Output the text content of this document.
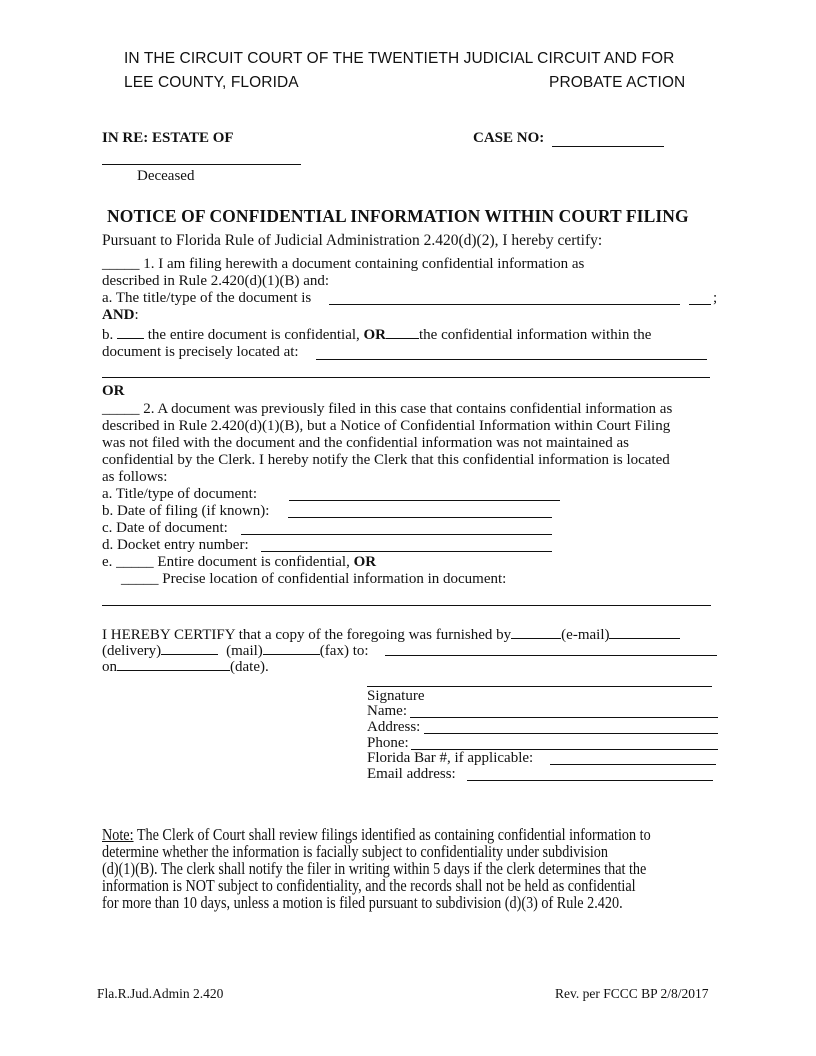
IN THE CIRCUIT COURT OF THE TWENTIETH JUDICIAL CIRCUIT AND FOR
LEE COUNTY, FLORIDA	PROBATE ACTION
IN RE: ESTATE OF	CASE NO:
Deceased
NOTICE OF CONFIDENTIAL INFORMATION WITHIN COURT FILING
Pursuant to Florida Rule of Judicial Administration 2.420(d)(2), I hereby certify:
_____ 1. I am filing herewith a document containing confidential information as
described in Rule 2.420(d)(1)(B) and:
a. The title/type of the document is	;
AND:
b.  the entire document is confidential, OR the confidential information within the
document is precisely located at:
OR
_____ 2. A document was previously filed in this case that contains confidential information as
described in Rule 2.420(d)(1)(B), but a Notice of Confidential Information within Court Filing
was not filed with the document and the confidential information was not maintained as
confidential by the Clerk. I hereby notify the Clerk that this confidential information is located
as follows:
a. Title/type of document:
b. Date of filing (if known):
c. Date of document:
d. Docket entry number:
e. _____ Entire document is confidential, OR
_____ Precise location of confidential information in document:
I HEREBY CERTIFY that a copy of the foregoing was furnished by	(e-mail)
(delivery)	(mail)	(fax) to:
on	(date).
Signature
Name:
Address:
Phone:
Florida Bar #, if applicable:
Email address:
Note: The Clerk of Court shall review filings identified as containing confidential information to
determine whether the information is facially subject to confidentiality under subdivision
(d)(1)(B). The clerk shall notify the filer in writing within 5 days if the clerk determines that the
information is NOT subject to confidentiality, and the records shall not be held as confidential
for more than 10 days, unless a motion is filed pursuant to subdivision (d)(3) of Rule 2.420.
Fla.R.Jud.Admin 2.420	Rev. per FCCC BP 2/8/2017
